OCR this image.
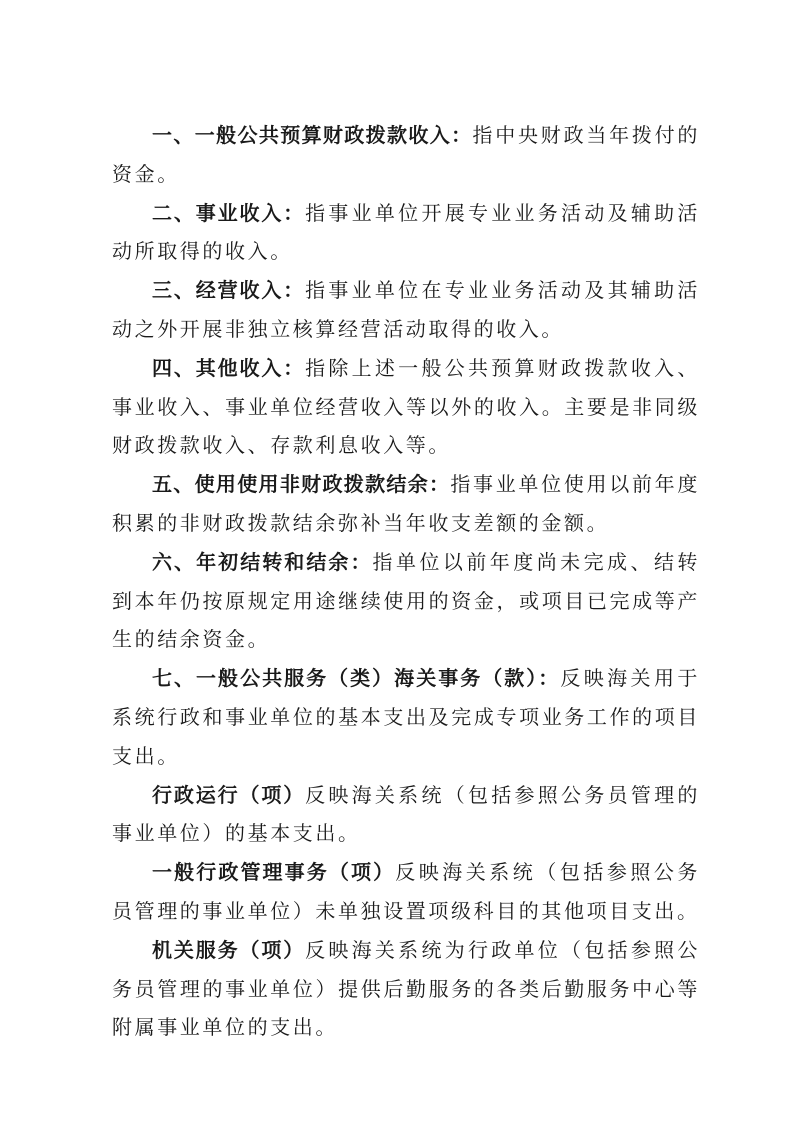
一、一般公共预算财政拨款收入：指中央财政当年拨付的资金。

二、事业收入：指事业单位开展专业业务活动及辅助活动所取得的收入。

三、经营收入：指事业单位在专业业务活动及其辅助活动之外开展非独立核算经营活动取得的收入。

四、其他收入：指除上述一般公共预算财政拨款收入、事业收入、事业单位经营收入等以外的收入。主要是非同级财政拨款收入、存款利息收入等。

五、使用使用非财政拨款结余：指事业单位使用以前年度积累的非财政拨款结余弥补当年收支差额的金额。

六、年初结转和结余：指单位以前年度尚未完成、结转到本年仍按原规定用途继续使用的资金，或项目已完成等产生的结余资金。

七、一般公共服务（类）海关事务（款）：反映海关用于系统行政和事业单位的基本支出及完成专项业务工作的项目支出。

行政运行（项）反映海关系统（包括参照公务员管理的事业单位）的基本支出。

一般行政管理事务（项）反映海关系统（包括参照公务员管理的事业单位）未单独设置项级科目的其他项目支出。

机关服务（项）反映海关系统为行政单位（包括参照公务员管理的事业单位）提供后勤服务的各类后勤服务中心等附属事业单位的支出。
